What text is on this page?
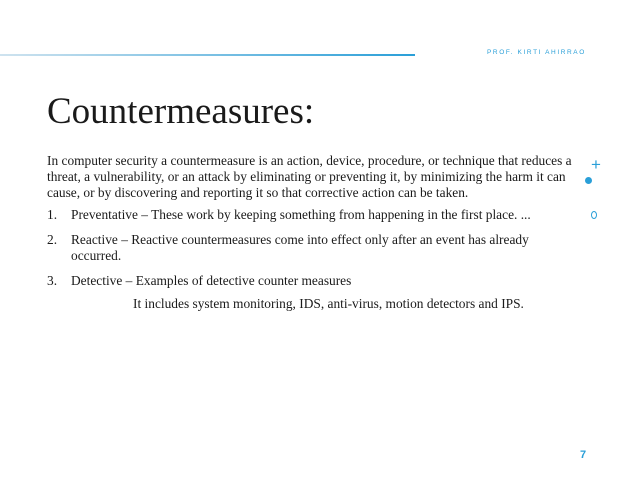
PROF. KIRTI AHIRRAO
Countermeasures:

In computer security a countermeasure is an action, device, procedure, or technique that reduces a threat, a vulnerability, or an attack by eliminating or preventing it, by minimizing the harm it can cause, or by discovering and reporting it so that corrective action can be taken.

1. Preventative – These work by keeping something from happening in the first place. ...
2. Reactive – Reactive countermeasures come into effect only after an event has already occurred.
3. Detective – Examples of detective counter measures

It includes system monitoring, IDS, anti-virus, motion detectors and IPS.

+
7
